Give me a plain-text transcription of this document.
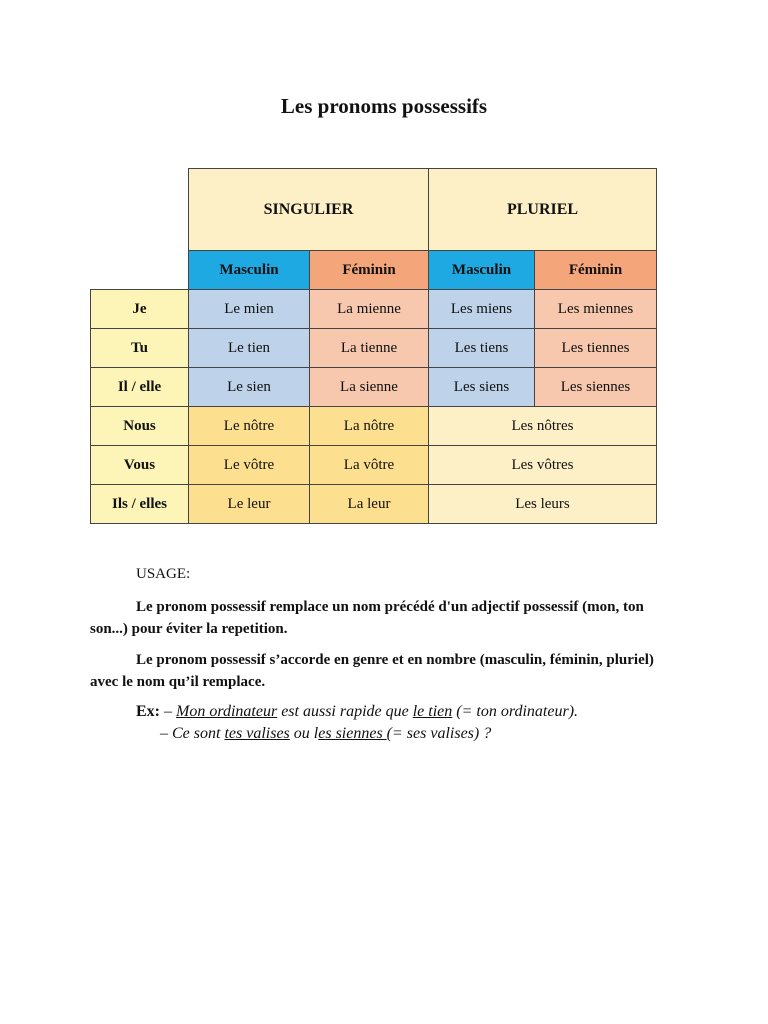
Les pronoms possessifs
	SINGULIER		PLURIEL	
	Masculin	Féminin	Masculin	Féminin
Je	Le mien	La mienne	Les miens	Les miennes
Tu	Le tien	La tienne	Les tiens	Les tiennes
Il / elle	Le sien	La sienne	Les siens	Les siennes
Nous	Le nôtre	La nôtre	Les nôtres	
Vous	Le vôtre	La vôtre	Les vôtres	
Ils / elles	Le leur	La leur	Les leurs	
USAGE:
Le pronom possessif remplace un nom précédé d'un adjectif possessif (mon, ton son...) pour éviter la repetition.
Le pronom possessif s’accorde en genre et en nombre (masculin, féminin, pluriel) avec le nom qu’il remplace.
Ex: – Mon ordinateur est aussi rapide que le tien (= ton ordinateur).
– Ce sont tes valises ou les siennes (= ses valises) ?
